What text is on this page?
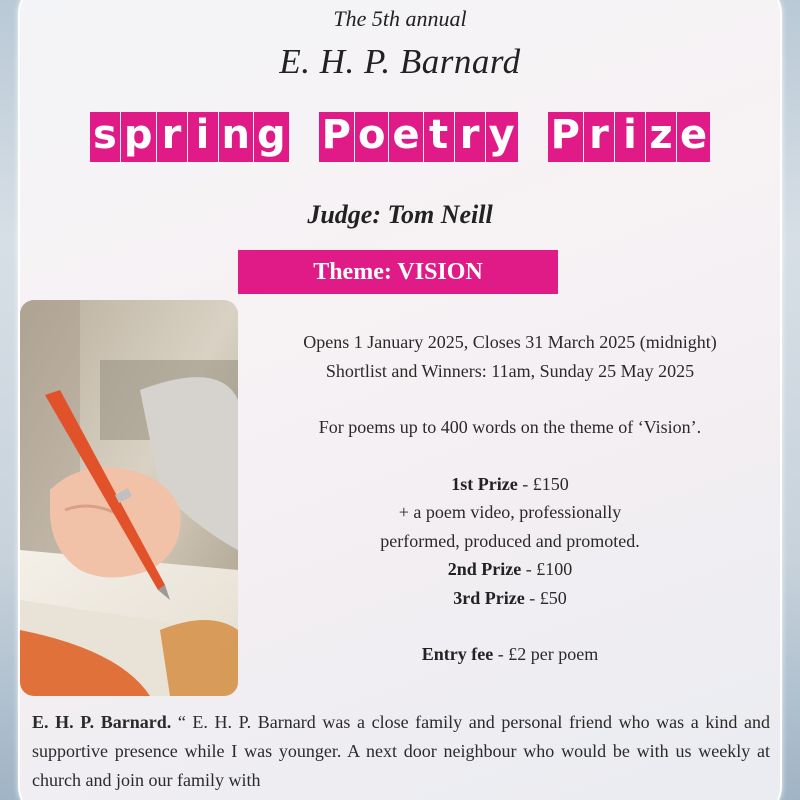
The 5th annual
E. H. P. Barnard
s p r i n g P o e t r y P r i z e
Judge: Tom Neill
Theme: VISION
Opens 1 January 2025, Closes 31 March 2025 (midnight)
Shortlist and Winners: 11am, Sunday 25 May 2025
For poems up to 400 words on the theme of ‘Vision’.
1st Prize - £150
+ a poem video, professionally
performed, produced and promoted.
2nd Prize - £100
3rd Prize - £50
Entry fee - £2 per poem
E. H. P. Barnard. “ E. H. P. Barnard was a close family and personal friend who was a kind and supportive presence while I was younger. A next door neighbour who would be with us weekly at church and join our family with
